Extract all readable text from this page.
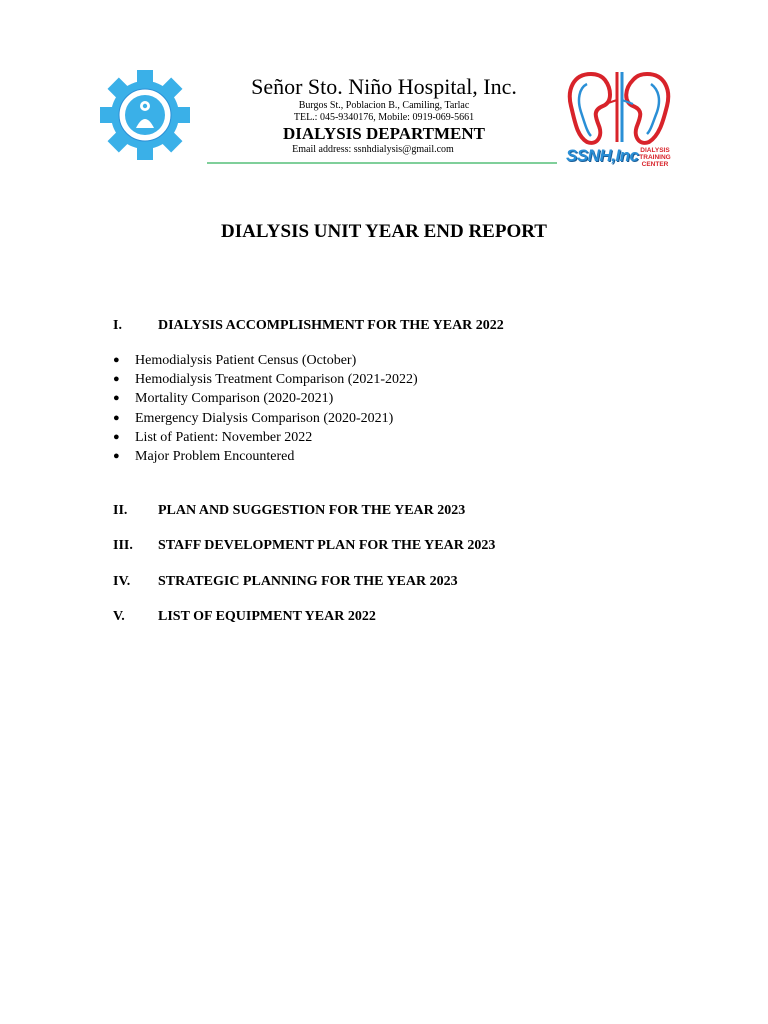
Señor Sto. Niño Hospital, Inc.
Burgos St., Poblacion B., Camiling, Tarlac
TEL.: 045-9340176, Mobile: 0919-069-5661
DIALYSIS DEPARTMENT
Email address: ssnhdialysis@gmail.com	SSNH,Inc DIALYSIS TRAINING CENTER
DIALYSIS UNIT YEAR END REPORT
I.	DIALYSIS ACCOMPLISHMENT FOR THE YEAR 2022
● Hemodialysis Patient Census (October)
● Hemodialysis Treatment Comparison (2021-2022)
● Mortality Comparison (2020-2021)
● Emergency Dialysis Comparison (2020-2021)
● List of Patient: November 2022
● Major Problem Encountered
II. PLAN AND SUGGESTION FOR THE YEAR 2023
III. STAFF DEVELOPMENT PLAN FOR THE YEAR 2023
IV. STRATEGIC PLANNING FOR THE YEAR 2023
V. LIST OF EQUIPMENT YEAR 2022
